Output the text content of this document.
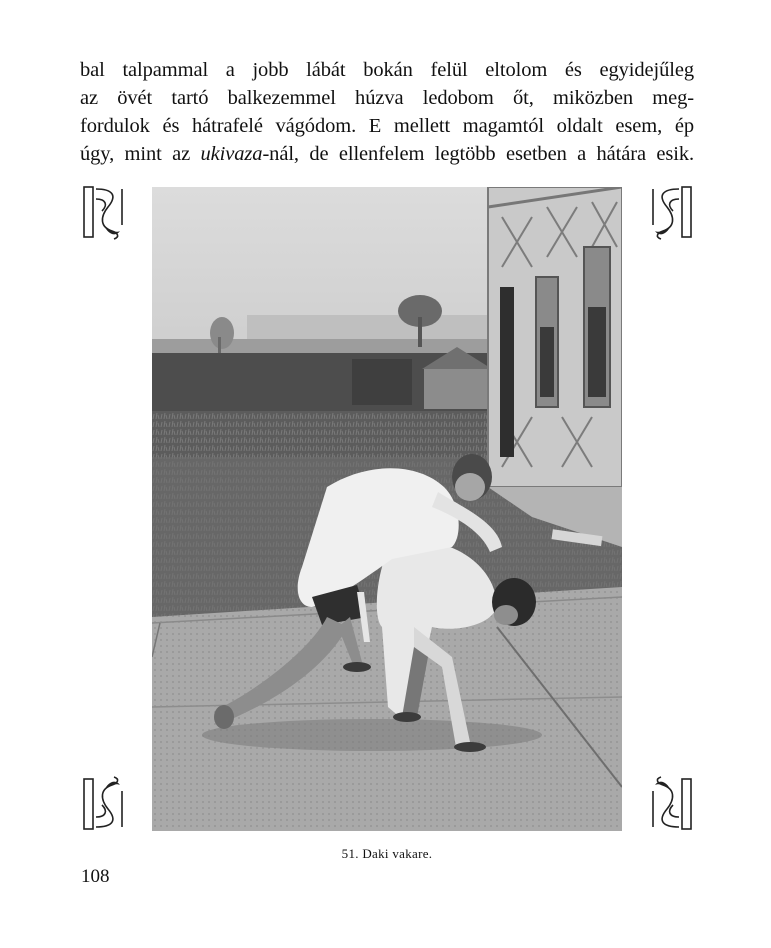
bal talpammal a jobb lábát bokán felül eltolom és egyidejűleg
az övét tartó balkezemmel húzva ledobom őt, miközben meg-
fordulok és hátrafelé vágódom. E mellett magamtól oldalt esem, ép
úgy, mint az ukivaza-nál, de ellenfelem legtöbb esetben a hátára esik.
51. Daki vakare.
108
